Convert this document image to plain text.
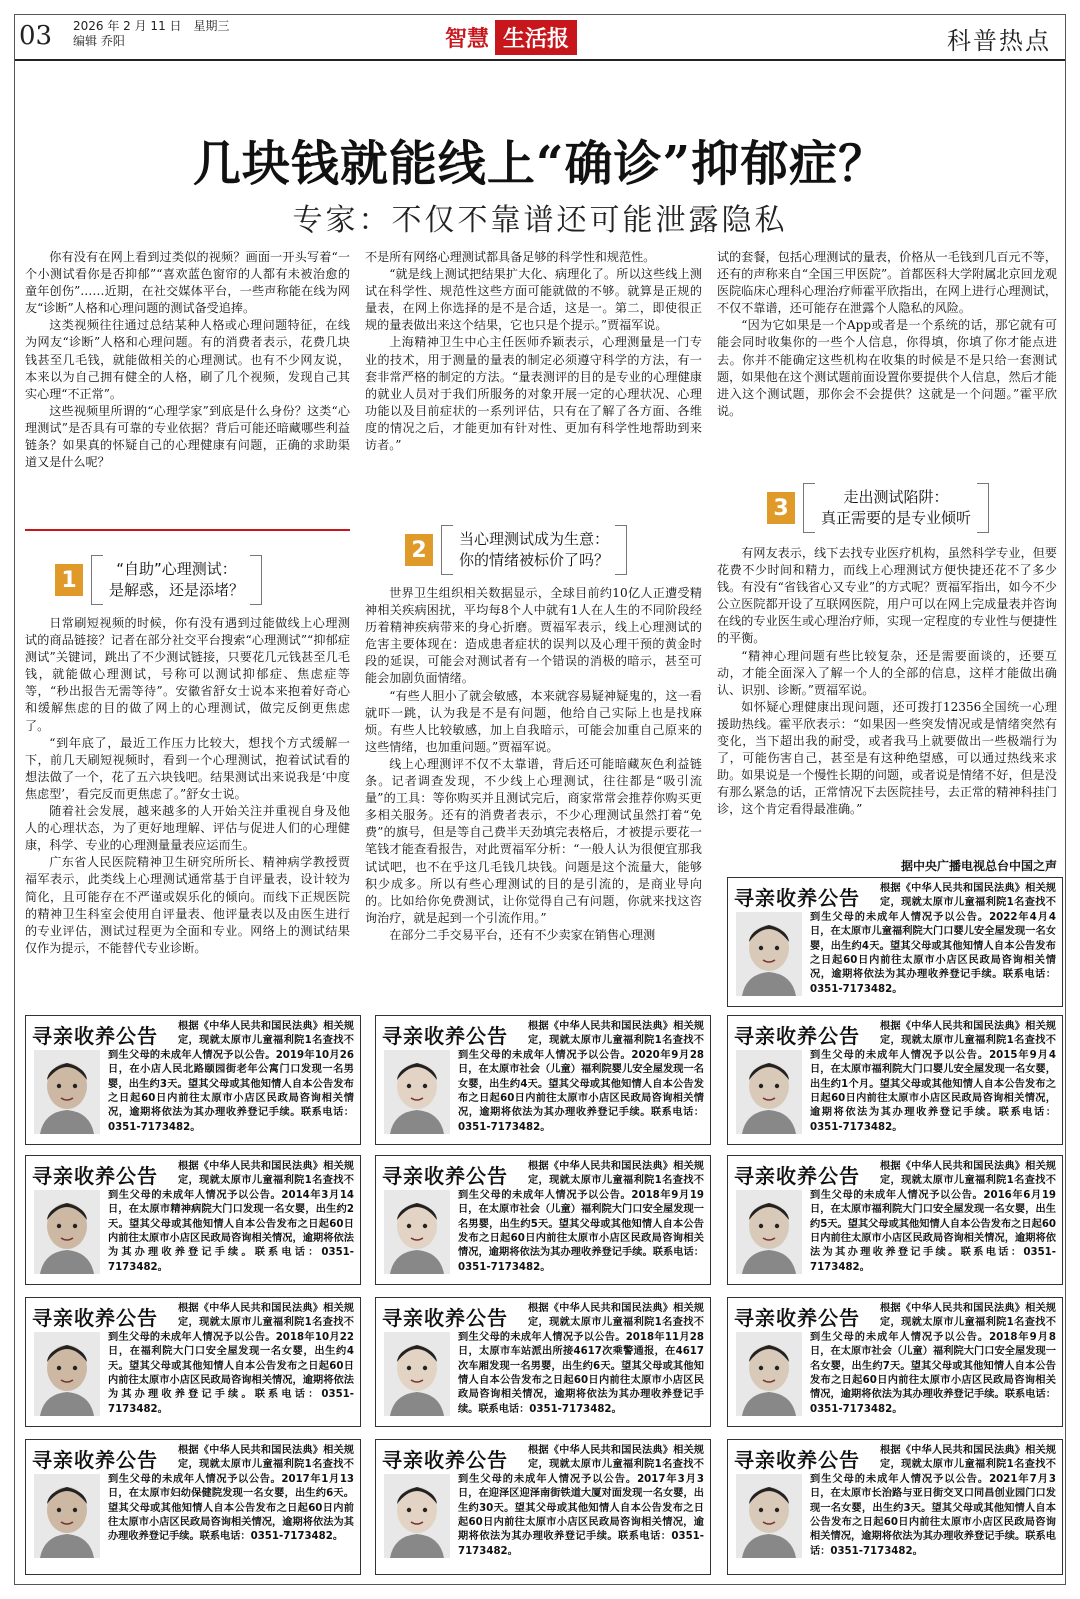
03 2026 年 2 月 11 日　星期三
编辑 乔阳	智慧 生活报	科普热点
几块钱就能线上“确诊”抑郁症？
专家：不仅不靠谱还可能泄露隐私

你有没有在网上看到过类似的视频？画面一开头写着“一个小测试看你是否抑郁”“喜欢蓝色窗帘的人都有未被治愈的童年创伤”……近期，在社交媒体平台，一些声称能在线为网友“诊断”人格和心理问题的测试备受追捧。

这类视频往往通过总结某种人格或心理问题特征，在线为网友“诊断”人格和心理问题。有的消费者表示，花费几块钱甚至几毛钱，就能做相关的心理测试。也有不少网友说，本来以为自己拥有健全的人格，刷了几个视频，发现自己其实心理“不正常”。

这些视频里所谓的“心理学家”到底是什么身份？这类“心理测试”是否具有可靠的专业依据？背后可能还暗藏哪些利益链条？如果真的怀疑自己的心理健康有问题，正确的求助渠道又是什么呢？

1	“自助”心理测试：
是解惑，还是添堵？

日常刷短视频的时候，你有没有遇到过能做线上心理测试的商品链接？记者在部分社交平台搜索“心理测试”“抑郁症测试”关键词，跳出了不少测试链接，只要花几元钱甚至几毛钱，就能做心理测试，号称可以测试抑郁症、焦虑症等等，“秒出报告无需等待”。安徽省舒女士说本来抱着好奇心和缓解焦虑的目的做了网上的心理测试，做完反倒更焦虑了。

“到年底了，最近工作压力比较大，想找个方式缓解一下，前几天刷短视频时，看到一个心理测试，抱着试试看的想法做了一个，花了五六块钱吧。结果测试出来说我是‘中度焦虑型’，看完反而更焦虑了。”舒女士说。

随着社会发展，越来越多的人开始关注并重视自身及他人的心理状态，为了更好地理解、评估与促进人们的心理健康，科学、专业的心理测量量表应运而生。

广东省人民医院精神卫生研究所所长、精神病学教授贾福军表示，此类线上心理测试通常基于自评量表，设计较为简化，且可能存在不严谨或娱乐化的倾向。而线下正规医院的精神卫生科室会使用自评量表、他评量表以及由医生进行的专业评估，测试过程更为全面和专业。网络上的测试结果仅作为提示，不能替代专业诊断。

不是所有网络心理测试都具备足够的科学性和规范性。

“就是线上测试把结果扩大化、病理化了。所以这些线上测试在科学性、规范性这些方面可能就做的不够。就算是正规的量表，在网上你选择的是不是合适，这是一。第二，即使很正规的量表做出来这个结果，它也只是个提示。”贾福军说。

上海精神卫生中心主任医师乔颖表示，心理测量是一门专业的技术，用于测量的量表的制定必须遵守科学的方法，有一套非常严格的制定的方法。“量表测评的目的是专业的心理健康的就业人员对于我们所服务的对象开展一定的心理状况、心理功能以及目前症状的一系列评估，只有在了解了各方面、各维度的情况之后，才能更加有针对性、更加有科学性地帮助到来访者。”

2	当心理测试成为生意：
你的情绪被标价了吗？

世界卫生组织相关数据显示，全球目前约10亿人正遭受精神相关疾病困扰，平均每8个人中就有1人在人生的不同阶段经历着精神疾病带来的身心折磨。贾福军表示，线上心理测试的危害主要体现在：造成患者症状的误判以及心理干预的黄金时段的延误，可能会对测试者有一个错误的消极的暗示，甚至可能会加剧负面情绪。

“有些人胆小了就会敏感，本来就容易疑神疑鬼的，这一看就吓一跳，认为我是不是有问题，他给自己实际上也是找麻烦。有些人比较敏感，加上自我暗示，可能会加重自己原来的这些情绪，也加重问题。”贾福军说。

线上心理测评不仅不太靠谱，背后还可能暗藏灰色利益链条。记者调查发现，不少线上心理测试，往往都是“吸引流量”的工具：等你购买并且测试完后，商家常常会推荐你购买更多相关服务。还有的消费者表示，不少心理测试虽然打着“免费”的旗号，但是等自己费半天劲填完表格后，才被提示要花一笔钱才能查看报告，对此贾福军分析：“一般人认为很便宜那我试试吧，也不在乎这几毛钱几块钱。问题是这个流量大，能够积少成多。所以有些心理测试的目的是引流的，是商业导向的。比如给你免费测试，让你觉得自己有问题，你就来找这咨询治疗，就是起到一个引流作用。”

在部分二手交易平台，还有不少卖家在销售心理测

试的套餐，包括心理测试的量表，价格从一毛钱到几百元不等，还有的声称来自“全国三甲医院”。首都医科大学附属北京回龙观医院临床心理科心理治疗师霍平欣指出，在网上进行心理测试，不仅不靠谱，还可能存在泄露个人隐私的风险。

“因为它如果是一个App或者是一个系统的话，那它就有可能会同时收集你的一些个人信息，你得填，你填了你才能点进去。你并不能确定这些机构在收集的时候是不是只给一套测试题，如果他在这个测试题前面设置你要提供个人信息，然后才能进入这个测试题，那你会不会提供？这就是一个问题。”霍平欣说。

3	走出测试陷阱：
真正需要的是专业倾听

有网友表示，线下去找专业医疗机构，虽然科学专业，但要花费不少时间和精力，而线上心理测试方便快捷还花不了多少钱。有没有“省钱省心又专业”的方式呢？贾福军指出，如今不少公立医院都开设了互联网医院，用户可以在网上完成量表并咨询在线的专业医生或心理治疗师，实现一定程度的专业性与便捷性的平衡。

“精神心理问题有些比较复杂，还是需要面谈的，还要互动，才能全面深入了解一个人的全部的信息，这样才能做出确认、识别、诊断。”贾福军说。

如怀疑心理健康出现问题，还可拨打12356全国统一心理援助热线。霍平欣表示：“如果因一些突发情况或是情绪突然有变化，当下超出我的耐受，或者我马上就要做出一些极端行为了，可能伤害自己，甚至是有这种绝望感，可以通过热线来求助。如果说是一个慢性长期的问题，或者说是情绪不好，但是没有那么紧急的话，正常情况下去医院挂号，去正常的精神科挂门诊，这个肯定看得最准确。”

据中央广播电视总台中国之声
根据《中华人民共和国民法典》相关规定，现就太原市儿童福利院1名查找不到生父母的未成年人情况予以公告。2022年4月4日，在太原市儿童福利院大门口婴儿安全屋发现一名女婴，出生约4天。望其父母或其他知情人自本公告发布之日起60日内前往太原市小店区民政局咨询相关情况，逾期将依法为其办理收养登记手续。联系电话：0351-7173482。
寻亲收养公告
根据《中华人民共和国民法典》相关规定，现就太原市儿童福利院1名查找不到生父母的未成年人情况予以公告。2019年10月26日，在小店人民北路颐园街老年公寓门口发现一名男婴，出生约3天。望其父母或其他知情人自本公告发布之日起60日内前往太原市小店区民政局咨询相关情况，逾期将依法为其办理收养登记手续。联系电话：0351-7173482。
寻亲收养公告	根据《中华人民共和国民法典》相关规定，现就太原市儿童福利院1名查找不到生父母的未成年人情况予以公告。2020年9月28日，在太原市社会（儿童）福利院婴儿安全屋发现一名女婴，出生约4天。望其父母或其他知情人自本公告发布之日起60日内前往太原市小店区民政局咨询相关情况，逾期将依法为其办理收养登记手续。联系电话：0351-7173482。
寻亲收养公告	根据《中华人民共和国民法典》相关规定，现就太原市儿童福利院1名查找不到生父母的未成年人情况予以公告。2015年9月4日，在太原市福利院大门口婴儿安全屋发现一名女婴，出生约1个月。望其父母或其他知情人自本公告发布之日起60日内前往太原市小店区民政局咨询相关情况，逾期将依法为其办理收养登记手续。联系电话：0351-7173482。
寻亲收养公告
根据《中华人民共和国民法典》相关规定，现就太原市儿童福利院1名查找不到生父母的未成年人情况予以公告。2014年3月14日，在太原市精神病院大门口发现一名女婴，出生约2天。望其父母或其他知情人自本公告发布之日起60日内前往太原市小店区民政局咨询相关情况，逾期将依法为其办理收养登记手续。联系电话：0351-7173482。
寻亲收养公告	根据《中华人民共和国民法典》相关规定，现就太原市儿童福利院1名查找不到生父母的未成年人情况予以公告。2018年9月19日，在太原市社会（儿童）福利院大门口安全屋发现一名男婴，出生约5天。望其父母或其他知情人自本公告发布之日起60日内前往太原市小店区民政局咨询相关情况，逾期将依法为其办理收养登记手续。联系电话：0351-7173482。
寻亲收养公告	根据《中华人民共和国民法典》相关规定，现就太原市儿童福利院1名查找不到生父母的未成年人情况予以公告。2016年6月19日，在太原市福利院大门口安全屋发现一名女婴，出生约5天。望其父母或其他知情人自本公告发布之日起60日内前往太原市小店区民政局咨询相关情况，逾期将依法为其办理收养登记手续。联系电话：0351-7173482。
寻亲收养公告
根据《中华人民共和国民法典》相关规定，现就太原市儿童福利院1名查找不到生父母的未成年人情况予以公告。2018年10月22日，在福利院大门口安全屋发现一名女婴，出生约4天。望其父母或其他知情人自本公告发布之日起60日内前往太原市小店区民政局咨询相关情况，逾期将依法为其办理收养登记手续。联系电话：0351-7173482。
寻亲收养公告	根据《中华人民共和国民法典》相关规定，现就太原市儿童福利院1名查找不到生父母的未成年人情况予以公告。2018年11月28日，太原市车站派出所接4617次乘警通报，在4617次车厢发现一名男婴，出生约6天。望其父母或其他知情人自本公告发布之日起60日内前往太原市小店区民政局咨询相关情况，逾期将依法为其办理收养登记手续。联系电话：0351-7173482。
寻亲收养公告	根据《中华人民共和国民法典》相关规定，现就太原市儿童福利院1名查找不到生父母的未成年人情况予以公告。2018年9月8日，在太原市社会（儿童）福利院大门口安全屋发现一名女婴，出生约7天。望其父母或其他知情人自本公告发布之日起60日内前往太原市小店区民政局咨询相关情况，逾期将依法为其办理收养登记手续。联系电话：0351-7173482。
寻亲收养公告
根据《中华人民共和国民法典》相关规定，现就太原市儿童福利院1名查找不到生父母的未成年人情况予以公告。2017年1月13日，在太原市妇幼保健院发现一名女婴，出生约6天。望其父母或其他知情人自本公告发布之日起60日内前往太原市小店区民政局咨询相关情况，逾期将依法为其办理收养登记手续。联系电话：0351-7173482。
寻亲收养公告	根据《中华人民共和国民法典》相关规定，现就太原市儿童福利院1名查找不到生父母的未成年人情况予以公告。2017年3月3日，在迎泽区迎泽南街铁道大厦对面发现一名女婴，出生约30天。望其父母或其他知情人自本公告发布之日起60日内前往太原市小店区民政局咨询相关情况，逾期将依法为其办理收养登记手续。联系电话：0351-7173482。
寻亲收养公告	根据《中华人民共和国民法典》相关规定，现就太原市儿童福利院1名查找不到生父母的未成年人情况予以公告。2021年7月3日，在太原市长治路与亚日街交叉口同昌创业园门口发现一名女婴，出生约3天。望其父母或其他知情人自本公告发布之日起60日内前往太原市小店区民政局咨询相关情况，逾期将依法为其办理收养登记手续。联系电话：0351-7173482。
寻亲收养公告
